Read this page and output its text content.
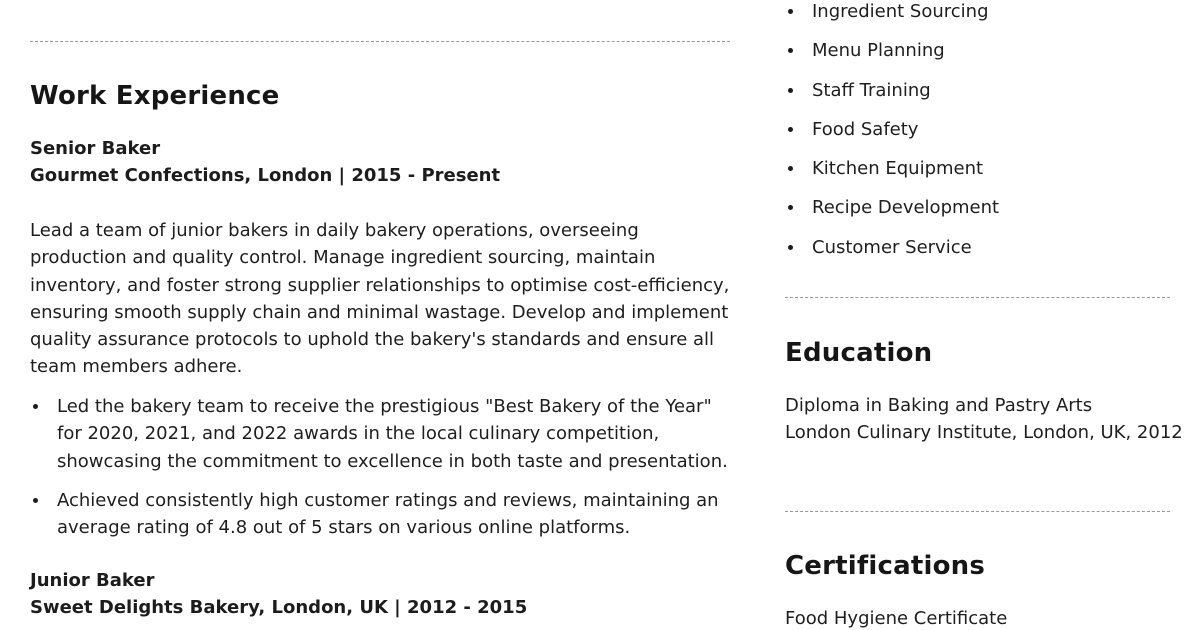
Work Experience
Senior Baker
Gourmet Confections, London | 2015 - Present
Lead a team of junior bakers in daily bakery operations, overseeing production and quality control. Manage ingredient sourcing, maintain inventory, and foster strong supplier relationships to optimise cost-efficiency, ensuring smooth supply chain and minimal wastage. Develop and implement quality assurance protocols to uphold the bakery's standards and ensure all team members adhere.
Led the bakery team to receive the prestigious "Best Bakery of the Year" for 2020, 2021, and 2022 awards in the local culinary competition, showcasing the commitment to excellence in both taste and presentation.
Achieved consistently high customer ratings and reviews, maintaining an average rating of 4.8 out of 5 stars on various online platforms.
Junior Baker
Sweet Delights Bakery, London, UK | 2012 - 2015
Ingredient Sourcing
Menu Planning
Staff Training
Food Safety
Kitchen Equipment
Recipe Development
Customer Service
Education
Diploma in Baking and Pastry Arts
London Culinary Institute, London, UK, 2012
Certifications
Food Hygiene Certificate
